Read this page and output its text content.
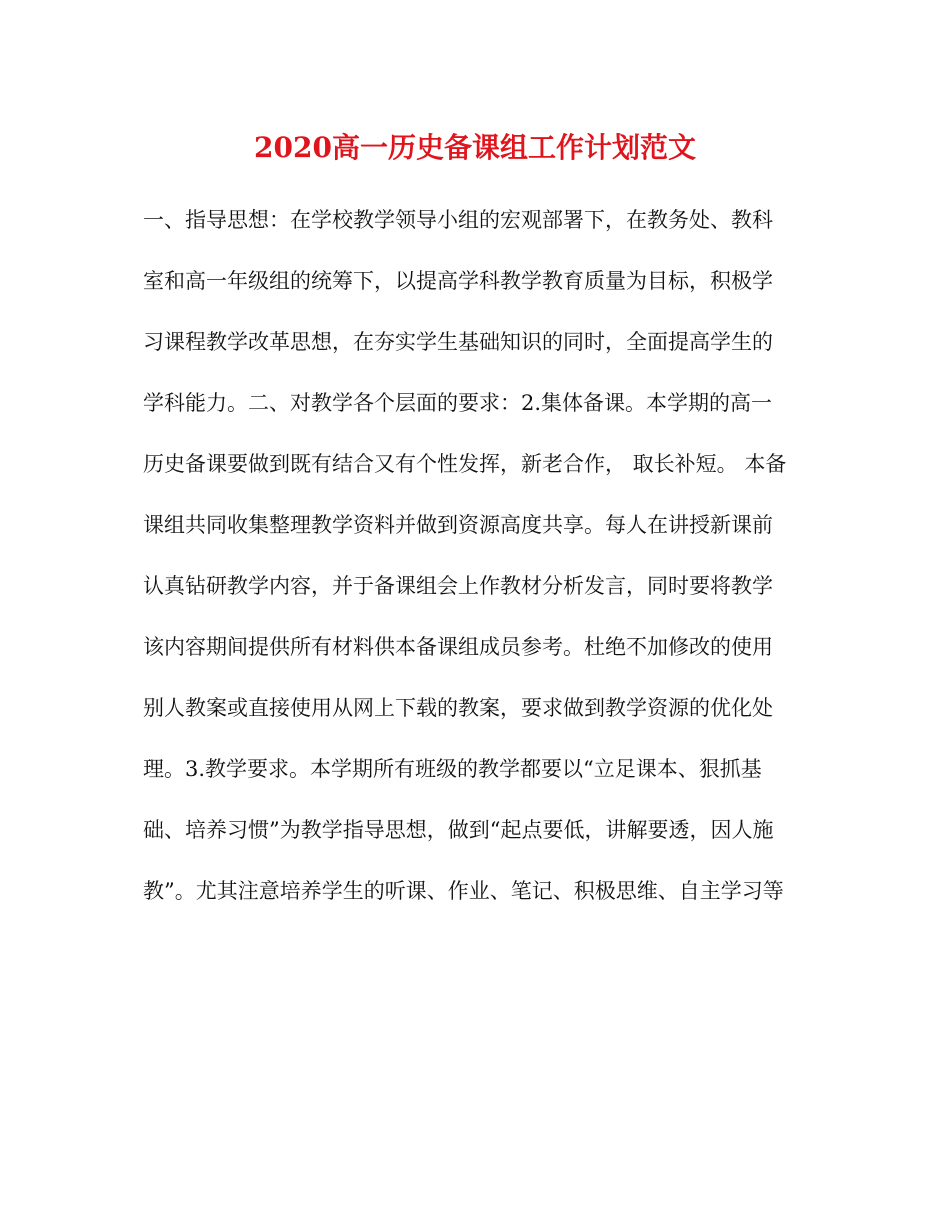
2020高一历史备课组工作计划范文
一、指导思想：在学校教学领导小组的宏观部署下，在教务处、教科
室和高一年级组的统筹下，以提高学科教学教育质量为目标，积极学
习课程教学改革思想，在夯实学生基础知识的同时，全面提高学生的
学科能力。二、对教学各个层面的要求：2.集体备课。本学期的高一
历史备课要做到既有结合又有个性发挥，新老合作， 取长补短。 本备
课组共同收集整理教学资料并做到资源高度共享。每人在讲授新课前
认真钻研教学内容，并于备课组会上作教材分析发言，同时要将教学
该内容期间提供所有材料供本备课组成员参考。杜绝不加修改的使用
别人教案或直接使用从网上下载的教案，要求做到教学资源的优化处
理。3.教学要求。本学期所有班级的教学都要以“立足课本、狠抓基
础、培养习惯”为教学指导思想，做到“起点要低，讲解要透，因人施
教”。尤其注意培养学生的听课、作业、笔记、积极思维、自主学习等
